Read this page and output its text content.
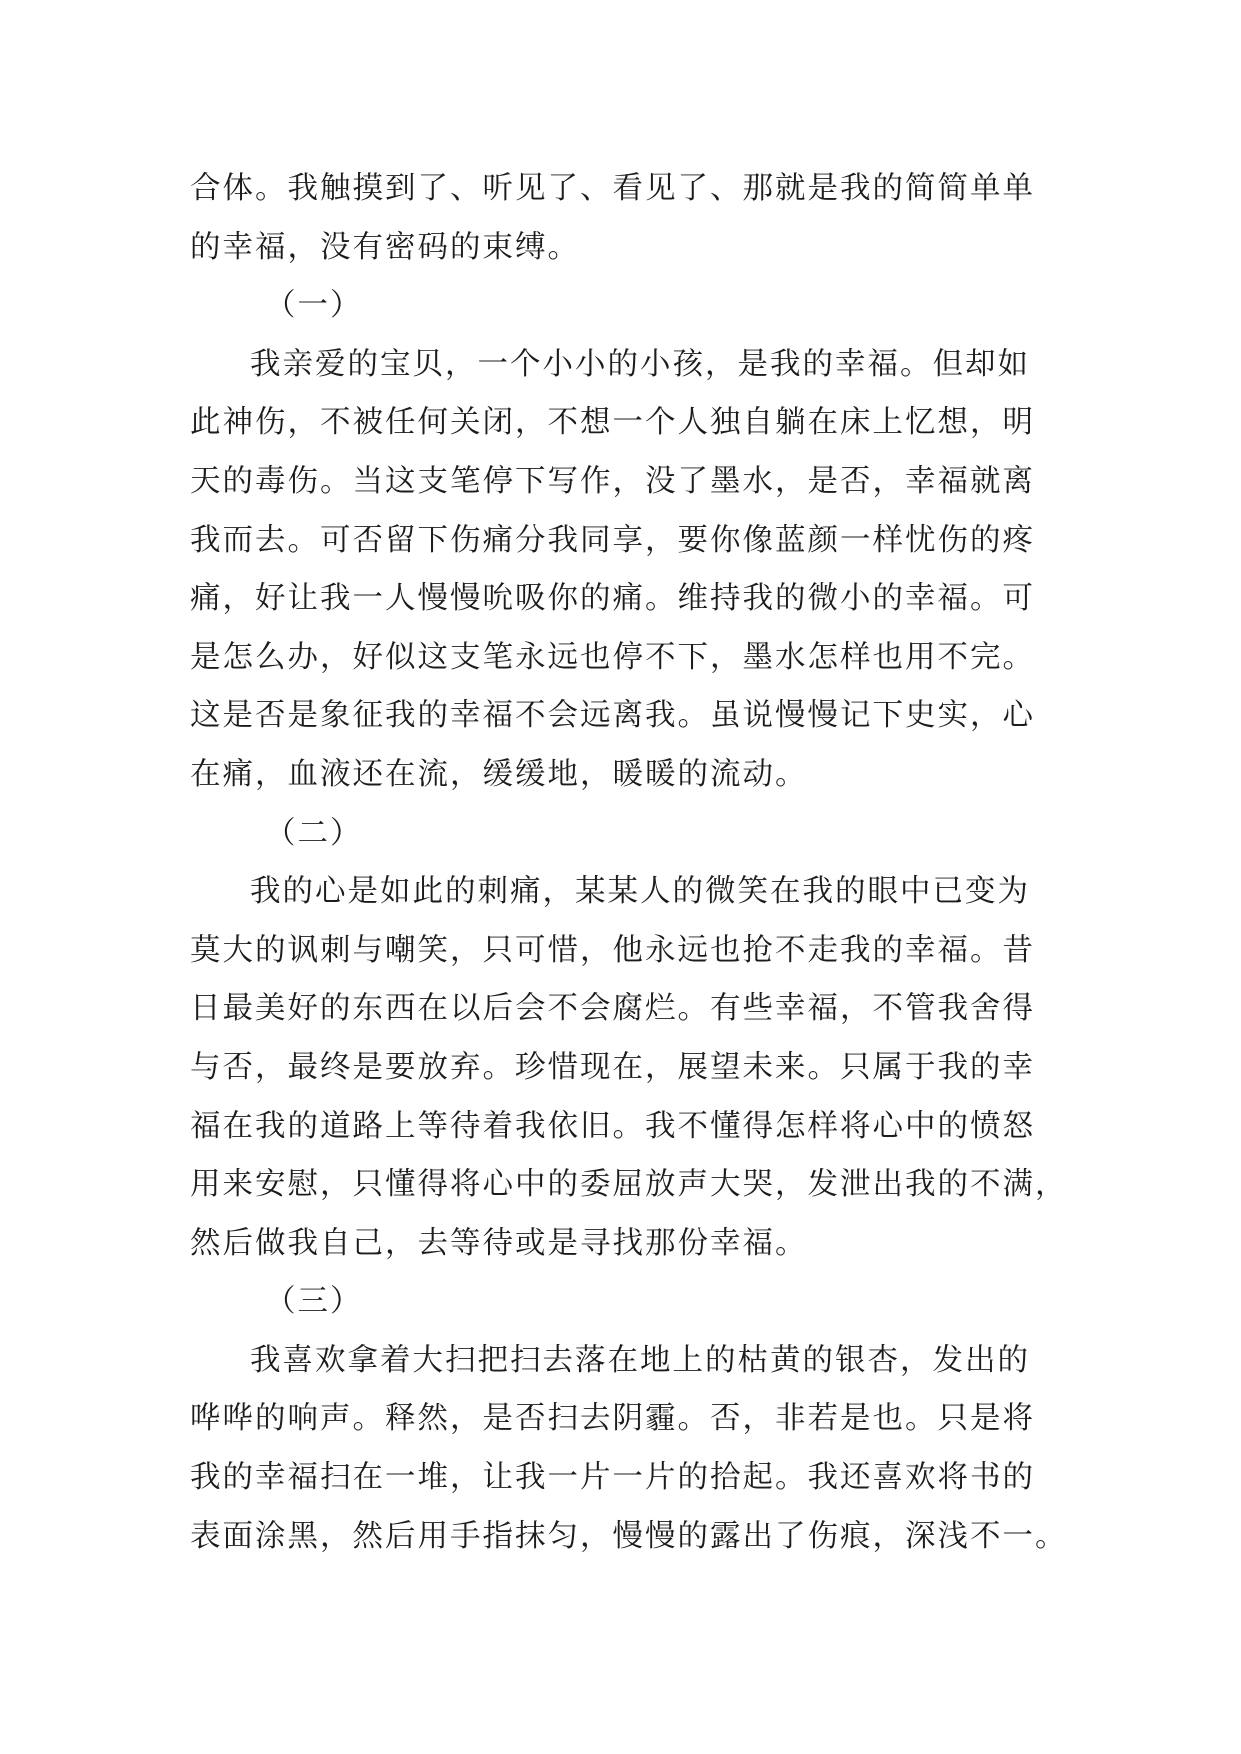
合体。我触摸到了、听见了、看见了、那就是我的简简单单
的幸福，没有密码的束缚。
（一）
我亲爱的宝贝，一个小小的小孩，是我的幸福。但却如
此神伤，不被任何关闭，不想一个人独自躺在床上忆想，明
天的毒伤。当这支笔停下写作，没了墨水，是否，幸福就离
我而去。可否留下伤痛分我同享，要你像蓝颜一样忧伤的疼
痛，好让我一人慢慢吮吸你的痛。维持我的微小的幸福。可
是怎么办，好似这支笔永远也停不下，墨水怎样也用不完。
这是否是象征我的幸福不会远离我。虽说慢慢记下史实，心
在痛，血液还在流，缓缓地，暖暖的流动。
（二）
我的心是如此的刺痛，某某人的微笑在我的眼中已变为
莫大的讽刺与嘲笑，只可惜，他永远也抢不走我的幸福。昔
日最美好的东西在以后会不会腐烂。有些幸福，不管我舍得
与否，最终是要放弃。珍惜现在，展望未来。只属于我的幸
福在我的道路上等待着我依旧。我不懂得怎样将心中的愤怒
用来安慰，只懂得将心中的委屈放声大哭，发泄出我的不满，
然后做我自己，去等待或是寻找那份幸福。
（三）
我喜欢拿着大扫把扫去落在地上的枯黄的银杏，发出的
哗哗的响声。释然，是否扫去阴霾。否，非若是也。只是将
我的幸福扫在一堆，让我一片一片的拾起。我还喜欢将书的
表面涂黑，然后用手指抹匀，慢慢的露出了伤痕，深浅不一。
